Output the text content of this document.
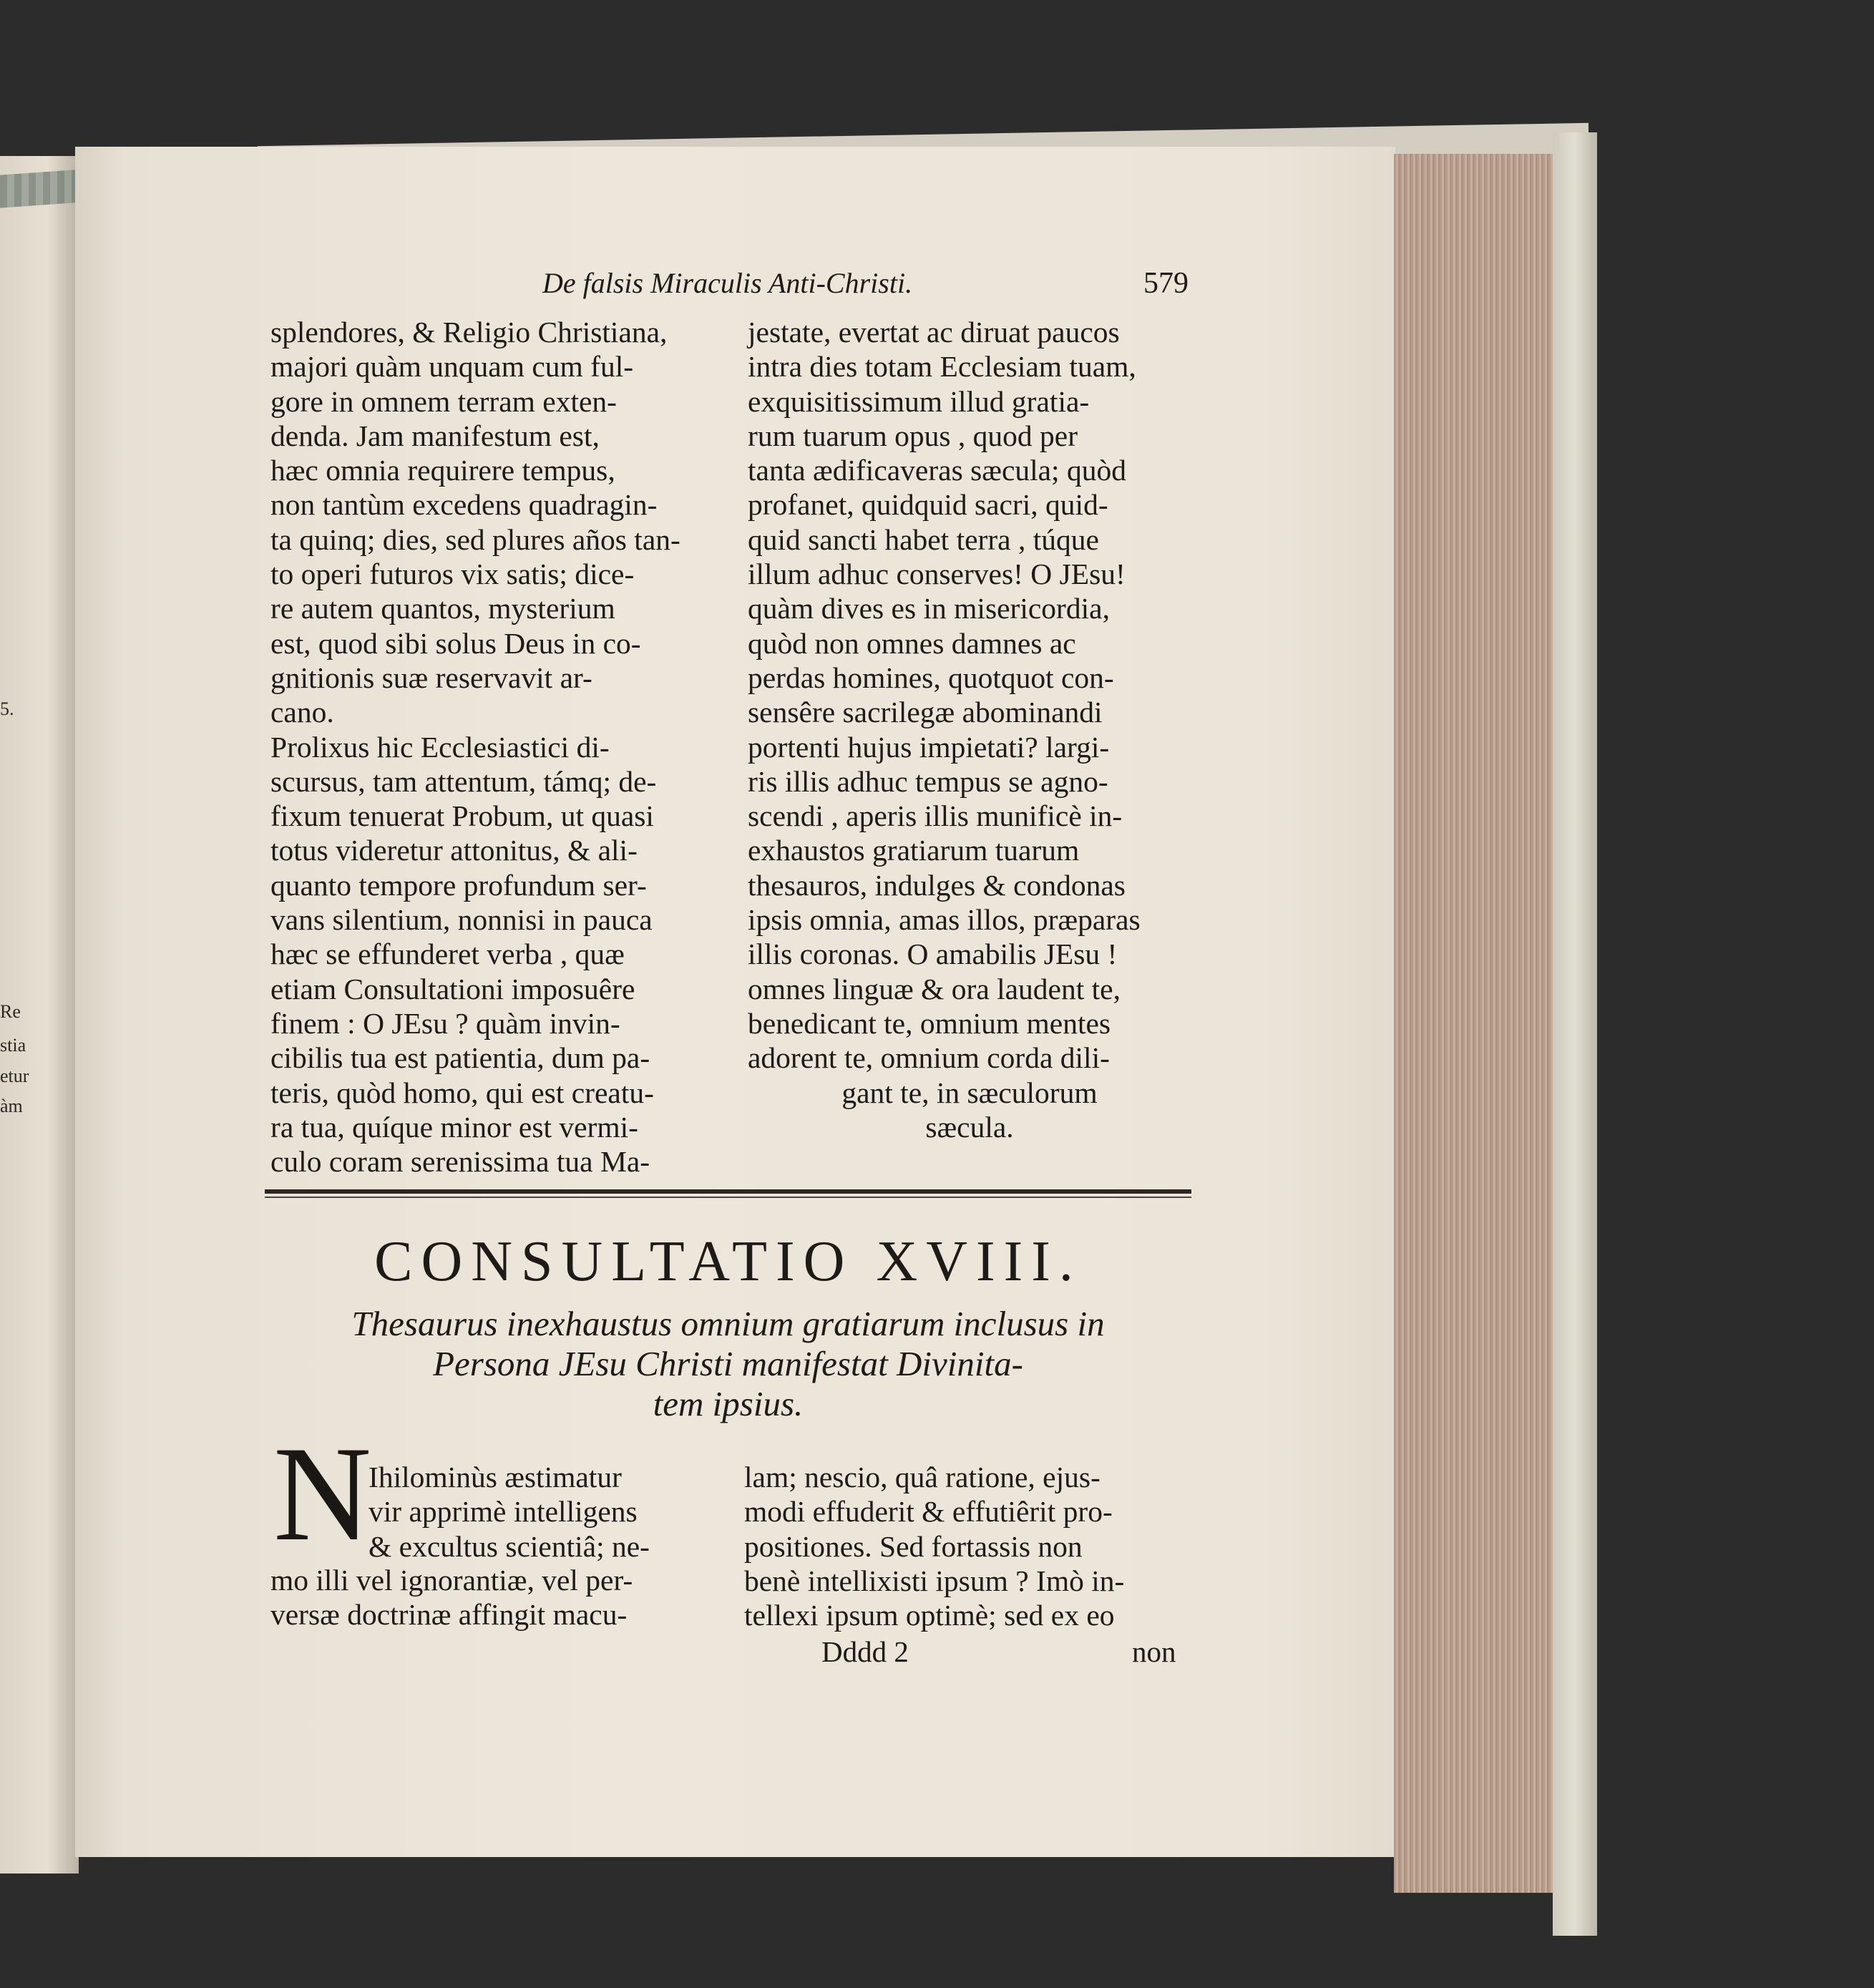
5.
Re
stia
etur
àm
De falsis Miraculis Anti-Christi.	579
splendores, & Religio Christiana,
majori quàm unquam cum ful-
gore in omnem terram exten-
denda. Jam manifestum est,
hæc omnia requirere tempus,
non tantùm excedens quadragin-
ta quinq; dies, sed plures años tan-
to operi futuros vix satis; dice-
re autem quantos, mysterium
est, quod sibi solus Deus in co-
gnitionis suæ reservavit ar-
cano.
Prolixus hic Ecclesiastici di-
scursus, tam attentum, támq; de-
fixum tenuerat Probum, ut quasi
totus videretur attonitus, & ali-
quanto tempore profundum ser-
vans silentium, nonnisi in pauca
hæc se effunderet verba , quæ
etiam Consultationi imposuêre
finem : O JEsu ? quàm invin-
cibilis tua est patientia, dum pa-
teris, quòd homo, qui est creatu-
ra tua, quíque minor est vermi-
culo coram serenissima tua Ma-
jestate, evertat ac diruat paucos
intra dies totam Ecclesiam tuam,
exquisitissimum illud gratia-
rum tuarum opus , quod per
tanta ædificaveras sæcula; quòd
profanet, quidquid sacri, quid-
quid sancti habet terra , túque
illum adhuc conserves! O JEsu!
quàm dives es in misericordia,
quòd non omnes damnes ac
perdas homines, quotquot con-
sensêre sacrilegæ abominandi
portenti hujus impietati? largi-
ris illis adhuc tempus se agno-
scendi , aperis illis munificè in-
exhaustos gratiarum tuarum
thesauros, indulges & condonas
ipsis omnia, amas illos, præparas
illis coronas. O amabilis JEsu !
omnes linguæ & ora laudent te,
benedicant te, omnium mentes
adorent te, omnium corda dili-
gant te, in sæculorum
sæcula.
CONSULTATIO XVIII.
Thesaurus inexhaustus omnium gratiarum inclusus in
Persona JEsu Christi manifestat Divinita-
tem ipsius.
N
Ihilominùs æstimatur
vir apprimè intelligens
& excultus scientiâ; ne-
mo illi vel ignorantiæ, vel per-
versæ doctrinæ affingit macu-
lam; nescio, quâ ratione, ejus-
modi effuderit & effutiêrit pro-
positiones. Sed fortassis non
benè intellixisti ipsum ? Imò in-
tellexi ipsum optimè; sed ex eo
Dddd 2	non
